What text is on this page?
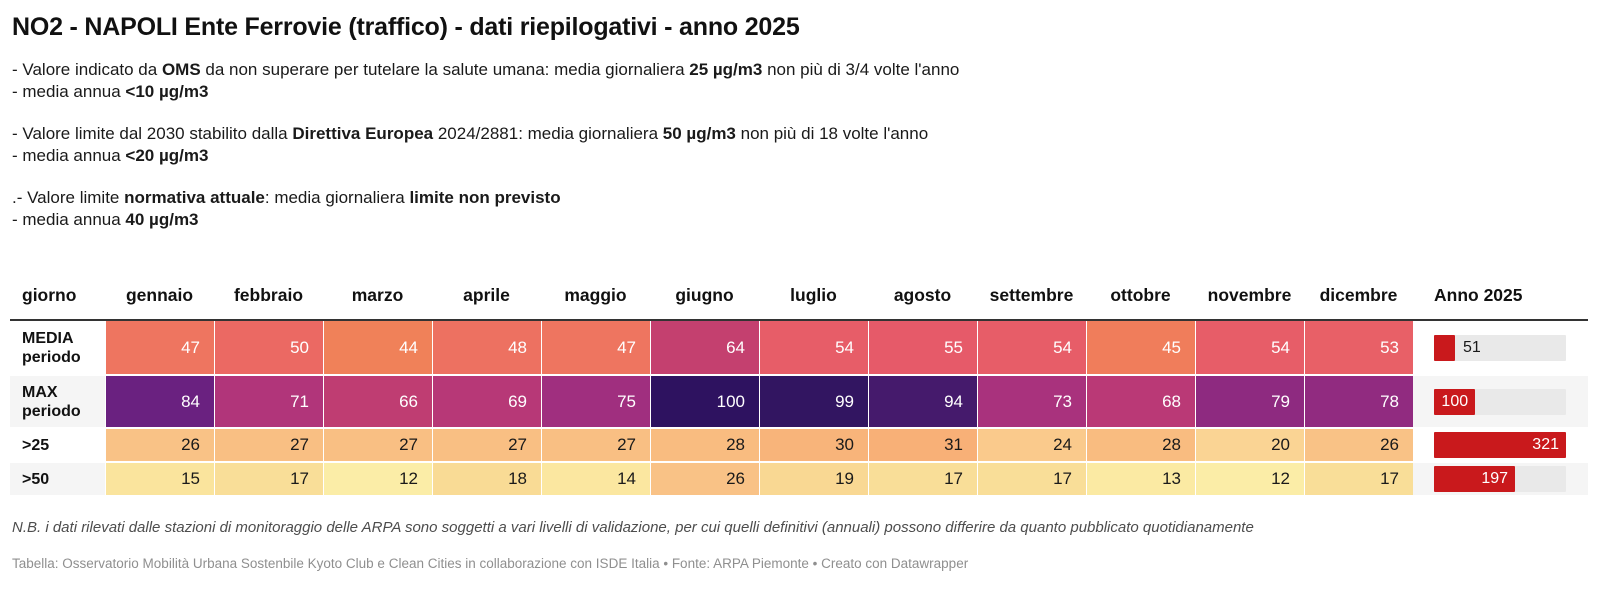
NO2 - NAPOLI Ente Ferrovie (traffico) - dati riepilogativi - anno 2025

- Valore indicato da OMS da non superare per tutelare la salute umana: media giornaliera 25 µg/m3 non più di 3/4 volte l'anno
- media annua <10 µg/m3

- Valore limite dal 2030 stabilito dalla Direttiva Europea 2024/2881: media giornaliera 50 µg/m3 non più di 18 volte l'anno
- media annua <20 µg/m3

.- Valore limite normativa attuale: media giornaliera limite non previsto
- media annua 40 µg/m3

giorno	gennaio	febbraio	marzo	aprile	maggio	giugno	luglio	agosto	settembre	ottobre	novembre	dicembre	Anno 2025
MEDIA
periodo	47	50	44	48	47	64	54	55	54	45	54	53	51

MAX
periodo	84	71	66	69	75	100	99	94	73	68	79	78	100

>25	26	27	27	27	27	28	30	31	24	28	20	26	321

>50	15	17	12	18	14	26	19	17	17	13	12	17	197

N.B. i dati rilevati dalle stazioni di monitoraggio delle ARPA sono soggetti a vari livelli di validazione, per cui quelli definitivi (annuali) possono differire da quanto pubblicato quotidianamente

Tabella: Osservatorio Mobilità Urbana Sostenbile Kyoto Club e Clean Cities in collaborazione con ISDE Italia • Fonte: ARPA Piemonte • Creato con Datawrapper
